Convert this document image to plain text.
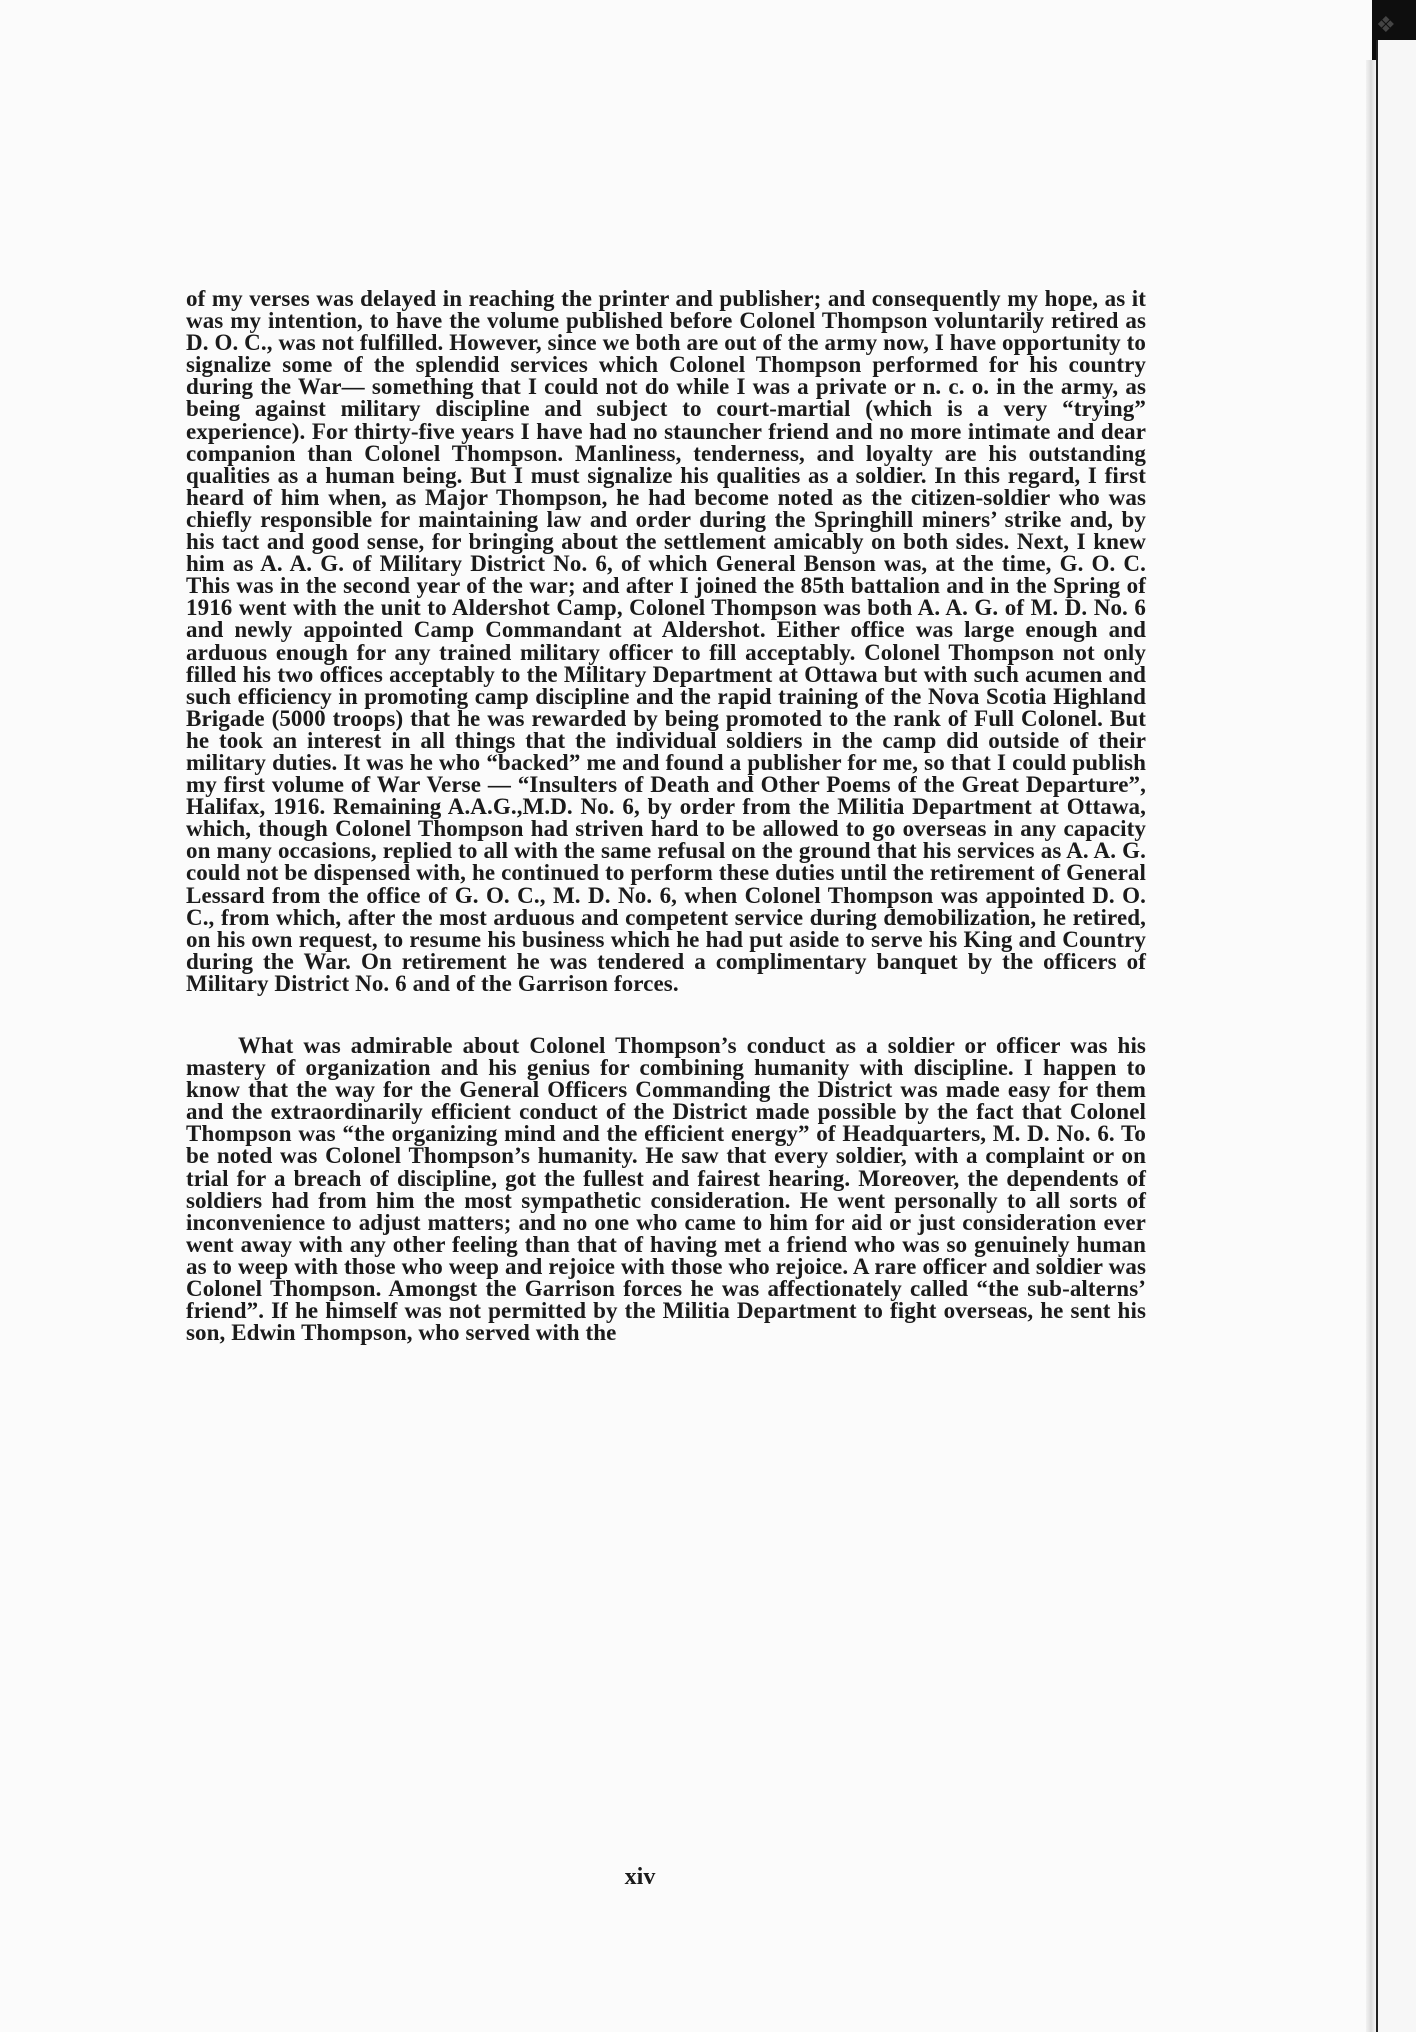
of my verses was delayed in reaching the printer and publisher; and consequently my hope, as it was my intention, to have the volume published before Colonel Thompson voluntarily retired as D. O. C., was not fulfilled. However, since we both are out of the army now, I have opportunity to signalize some of the splendid services which Colonel Thompson performed for his country during the War— something that I could not do while I was a private or n. c. o. in the army, as being against military discipline and subject to court-martial (which is a very “trying” experience). For thirty-five years I have had no stauncher friend and no more intimate and dear companion than Colonel Thompson. Manliness, tenderness, and loyalty are his outstanding qualities as a human being. But I must signalize his qualities as a soldier. In this regard, I first heard of him when, as Major Thompson, he had become noted as the citizen-soldier who was chiefly responsible for maintaining law and order during the Springhill miners’ strike and, by his tact and good sense, for bringing about the settlement amicably on both sides. Next, I knew him as A. A. G. of Military District No. 6, of which General Benson was, at the time, G. O. C. This was in the second year of the war; and after I joined the 85th battalion and in the Spring of 1916 went with the unit to Aldershot Camp, Colonel Thompson was both A. A. G. of M. D. No. 6 and newly appointed Camp Commandant at Aldershot. Either office was large enough and arduous enough for any trained military officer to fill acceptably. Colonel Thompson not only filled his two offices acceptably to the Military Department at Ottawa but with such acumen and such efficiency in promoting camp discipline and the rapid training of the Nova Scotia Highland Brigade (5000 troops) that he was rewarded by being promoted to the rank of Full Colonel. But he took an interest in all things that the individual soldiers in the camp did outside of their military duties. It was he who “backed” me and found a publisher for me, so that I could publish my first volume of War Verse — “Insulters of Death and Other Poems of the Great Departure”, Halifax, 1916. Remaining A.A.G.,M.D. No. 6, by order from the Militia Department at Ottawa, which, though Colonel Thompson had striven hard to be allowed to go overseas in any capacity on many occasions, replied to all with the same refusal on the ground that his services as A. A. G. could not be dispensed with, he continued to perform these duties until the retirement of General Lessard from the office of G. O. C., M. D. No. 6, when Colonel Thompson was appointed D. O. C., from which, after the most arduous and competent service during demobilization, he retired, on his own request, to resume his business which he had put aside to serve his King and Country during the War. On retirement he was tendered a complimentary banquet by the officers of Military District No. 6 and of the Garrison forces.

What was admirable about Colonel Thompson’s conduct as a soldier or officer was his mastery of organization and his genius for combining humanity with discipline. I happen to know that the way for the General Officers Commanding the District was made easy for them and the extraordinarily efficient conduct of the District made possible by the fact that Colonel Thompson was “the organizing mind and the efficient energy” of Headquarters, M. D. No. 6. To be noted was Colonel Thompson’s humanity. He saw that every soldier, with a complaint or on trial for a breach of discipline, got the fullest and fairest hearing. Moreover, the dependents of soldiers had from him the most sympathetic consideration. He went personally to all sorts of inconvenience to adjust matters; and no one who came to him for aid or just consideration ever went away with any other feeling than that of having met a friend who was so genuinely human as to weep with those who weep and rejoice with those who rejoice. A rare officer and soldier was Colonel Thompson. Amongst the Garrison forces he was affectionately called “the sub-alterns’ friend”. If he himself was not permitted by the Militia Department to fight overseas, he sent his son, Edwin Thompson, who served with the

xiv
❖
